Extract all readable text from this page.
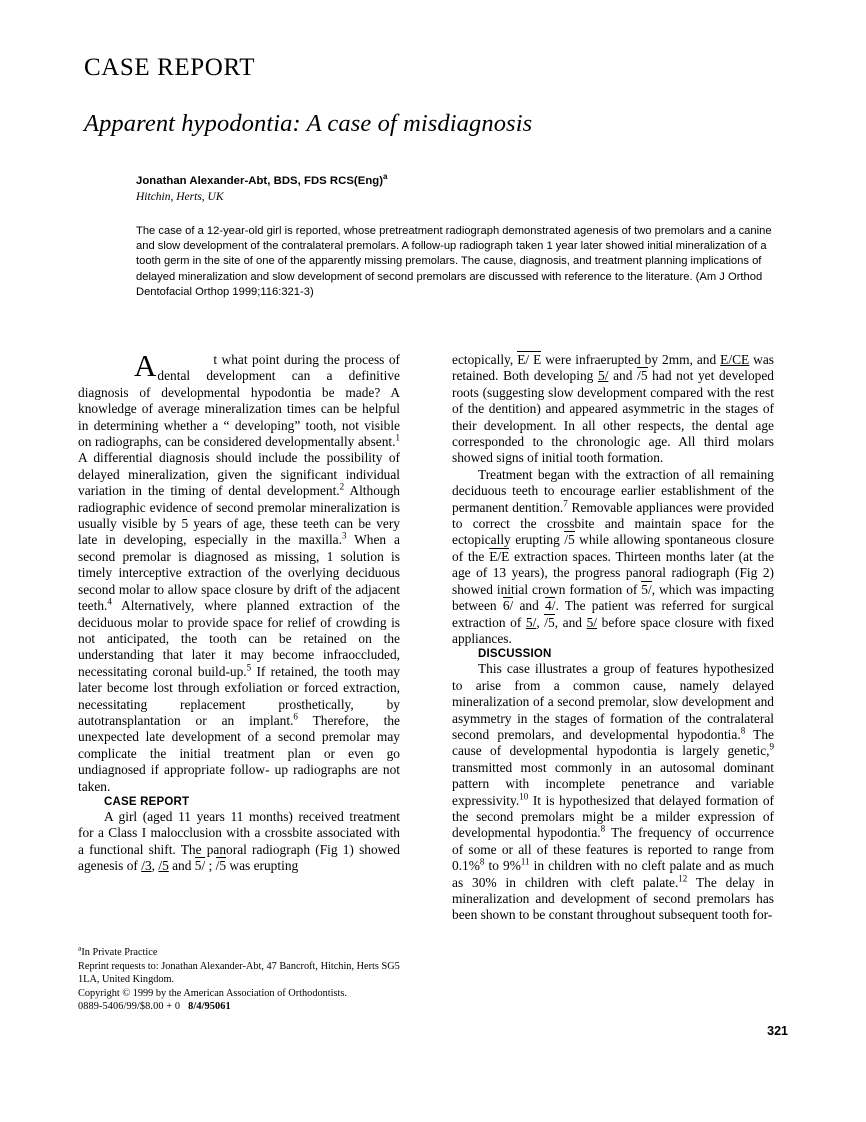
CASE REPORT
Apparent hypodontia: A case of misdiagnosis
Jonathan Alexander-Abt, BDS, FDS RCS(Eng)$^a$
Hitchin, Herts, UK
The case of a 12-year-old girl is reported, whose pretreatment radiograph demonstrated agenesis of two premolars and a canine and slow development of the contralateral premolars. A follow-up radiograph taken 1 year later showed initial mineralization of a tooth germ in the site of one of the apparently missing premolars. The cause, diagnosis, and treatment planning implications of delayed mineralization and slow development of second premolars are discussed with reference to the literature. (Am J Orthod Dentofacial Orthop 1999;116:321-3)

A	t what point during the process of dental development can a definitive diagnosis of developmental hypodontia be made? A knowledge of average mineralization times can be helpful in determining whether a “ developing” tooth, not visible on radiographs, can be considered developmentally absent.$^1$ A differential diagnosis should include the possibility of delayed mineralization, given the significant individual variation in the timing of dental development.$^2$ Although radiographic evidence of second premolar mineralization is usually visible by 5 years of age, these teeth can be very late in developing, especially in the maxilla.$^3$ When a second premolar is diagnosed as missing, 1 solution is timely interceptive extraction of the overlying deciduous second molar to allow space closure by drift of the adjacent teeth.$^4$ Alternatively, where planned extraction of the deciduous molar to provide space for relief of crowding is not anticipated, the tooth can be retained on the understanding that later it may become infraoccluded, necessitating coronal build-up.$^5$ If retained, the tooth may later become lost through exfoliation or forced extraction, necessitating replacement prosthetically, by autotransplantation or an implant.$^6$ Therefore, the unexpected late development of a second premolar may complicate the initial treatment plan or even go undiagnosed if appropriate follow- up radiographs are not taken.

CASE REPORT

A girl (aged 11 years 11 months) received treatment for a Class I malocclusion with a crossbite associated with a functional shift. The panoral radiograph (Fig 1) showed agenesis of /3, /5 and 5/ ; /5 was erupting

ectopically, E/ E were infraerupted by 2mm, and E/CE was retained. Both developing 5/ and /5 had not yet developed roots (suggesting slow development compared with the rest of the dentition) and appeared asymmetric in the stages of their development. In all other respects, the dental age corresponded to the chronologic age. All third molars showed signs of initial tooth formation.

Treatment began with the extraction of all remaining deciduous teeth to encourage earlier establishment of the permanent dentition.$^7$ Removable appliances were provided to correct the crossbite and maintain space for the ectopically erupting /5 while allowing spontaneous closure of the E/E extraction spaces. Thirteen months later (at the age of 13 years), the progress panoral radiograph (Fig 2) showed initial crown formation of 5/, which was impacting between 6/ and 4/. The patient was referred for surgical extraction of 5/, /5, and 5/ before space closure with fixed appliances.

DISCUSSION

This case illustrates a group of features hypothesized to arise from a common cause, namely delayed mineralization of a second premolar, slow development and asymmetry in the stages of formation of the contralateral second premolars, and developmental hypodontia.$^8$ The cause of developmental hypodontia is largely genetic,$^9$ transmitted most commonly in an autosomal dominant pattern with incomplete penetrance and variable expressivity.$^{10}$ It is hypothesized that delayed formation of the second premolars might be a milder expression of developmental hypodontia.$^8$ The frequency of occurrence of some or all of these features is reported to range from 0.1%$^8$ to 9%$^{11}$ in children with no cleft palate and as much as 30% in children with cleft palate.$^{12}$ The delay in mineralization and development of second premolars has been shown to be constant throughout subsequent tooth for-

$^a$In Private Practice

Reprint requests to: Jonathan Alexander-Abt, 47 Bancroft, Hitchin, Herts SG5 1LA, United Kingdom.

Copyright © 1999 by the American Association of Orthodontists.

0889-5406/99/$8.00 + 0 8/4/95061

321
